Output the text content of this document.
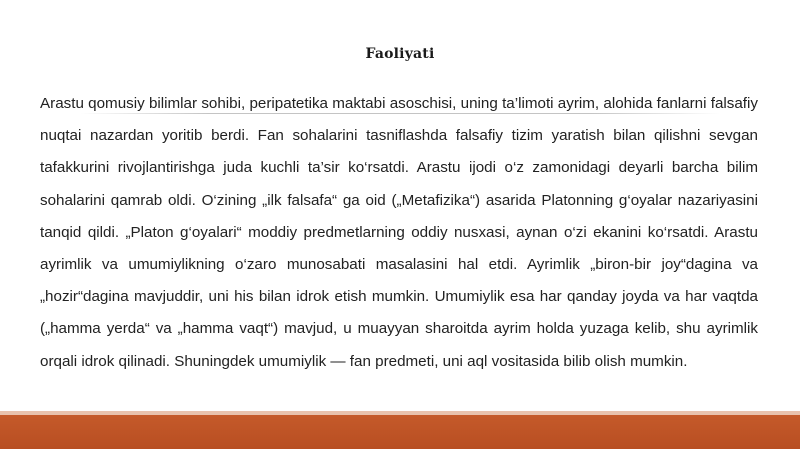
Faoliyati

Arastu qomusiy bilimlar sohibi, peripatetika maktabi asoschisi, uning ta’limoti ayrim, alohida fanlarni falsafiy nuqtai nazardan yoritib berdi. Fan sohalarini tasniflashda falsafiy tizim yaratish bilan qilishni sevgan tafakkurini rivojlantirishga juda kuchli ta’sir ko‘rsatdi. Arastu ijodi o‘z zamonidagi deyarli barcha bilim sohalarini qamrab oldi. O‘zining „ilk falsafa“ ga oid („Metafizika“) asarida Platonning g‘oyalar nazariyasini tanqid qildi. „Platon g‘oyalari“ moddiy predmetlarning oddiy nusxasi, aynan o‘zi ekanini ko‘rsatdi. Arastu ayrimlik va umumiylikning o‘zaro munosabati masalasini hal etdi. Ayrimlik „biron-bir joy“dagina va „hozir“dagina mavjuddir, uni his bilan idrok etish mumkin. Umumiylik esa har qanday joyda va har vaqtda („hamma yerda“ va „hamma vaqt“) mavjud, u muayyan sharoitda ayrim holda yuzaga kelib, shu ayrimlik orqali idrok qilinadi. Shuningdek umumiylik — fan predmeti, uni aql vositasida bilib olish mumkin.
